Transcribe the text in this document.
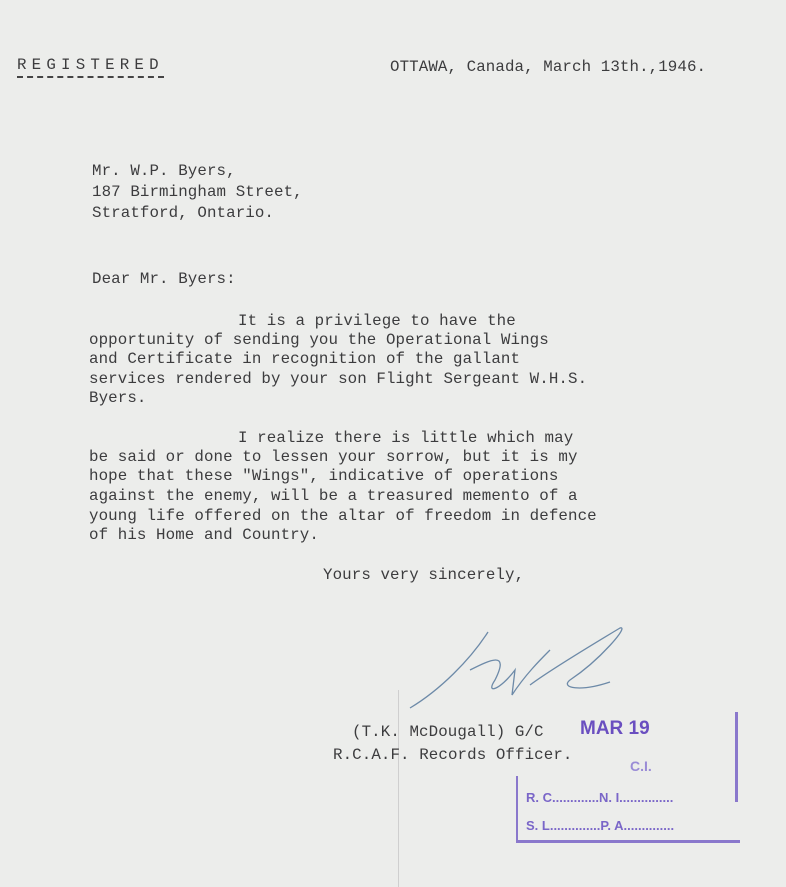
REGISTERED	OTTAWA, Canada, March 13th.,1946.
Mr. W.P. Byers,
187 Birmingham Street,
Stratford, Ontario.
Dear Mr. Byers:
It is a privilege to have the
opportunity of sending you the Operational Wings
and Certificate in recognition of the gallant
services rendered by your son Flight Sergeant W.H.S.
Byers.
I realize there is little which may
be said or done to lessen your sorrow, but it is my
hope that these "Wings", indicative of operations
against the enemy, will be a treasured memento of a
young life offered on the altar of freedom in defence
of his Home and Country.
Yours very sincerely,
(T.K. McDougall) G/C
R.C.A.F. Records Officer.
MAR 19
C.I.
R. C.............N. I...............
S. L..............P. A..............
